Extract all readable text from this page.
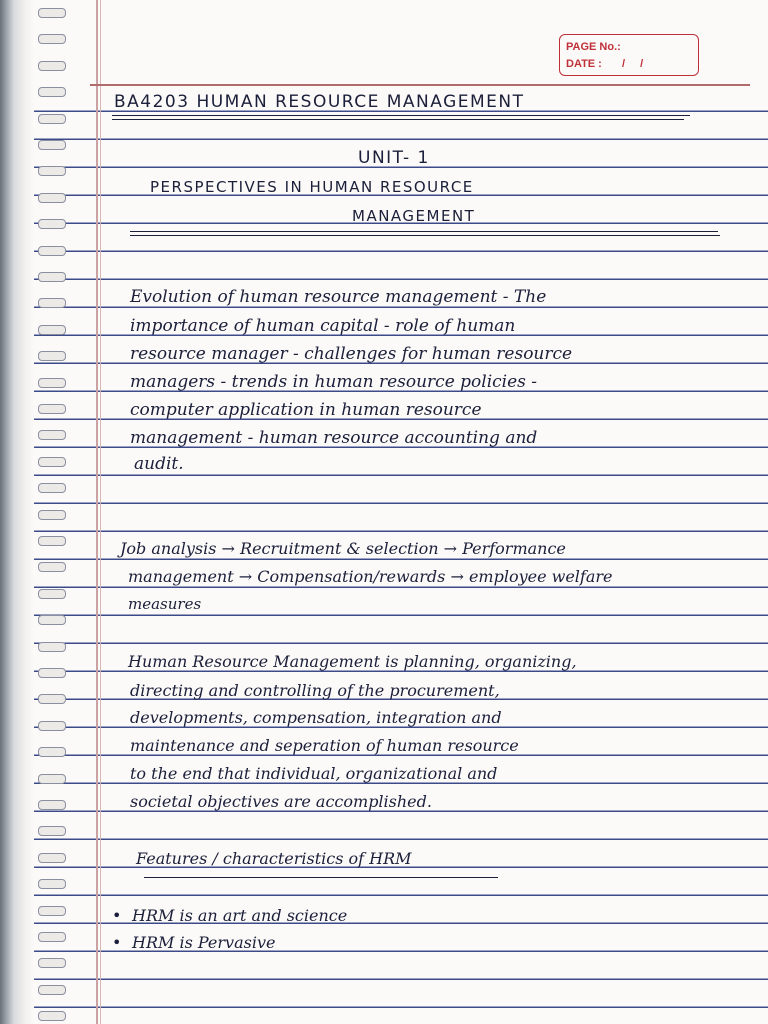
PAGE No.:
DATE : / /
BA4203 HUMAN RESOURCE MANAGEMENT
UNIT- 1
PERSPECTIVES IN HUMAN RESOURCE
MANAGEMENT
Evolution of human resource management - The
importance of human capital - role of human
resource manager - challenges for human resource
managers - trends in human resource policies -
computer application in human resource
management - human resource accounting and
audit.
Job analysis → Recruitment & selection → Performance
management → Compensation/rewards → employee welfare
measures
Human Resource Management is planning, organizing,
directing and controlling of the procurement,
developments, compensation, integration and
maintenance and seperation of human resource
to the end that individual, organizational and
societal objectives are accomplished.
Features / characteristics of HRM
• HRM is an art and science
• HRM is Pervasive
